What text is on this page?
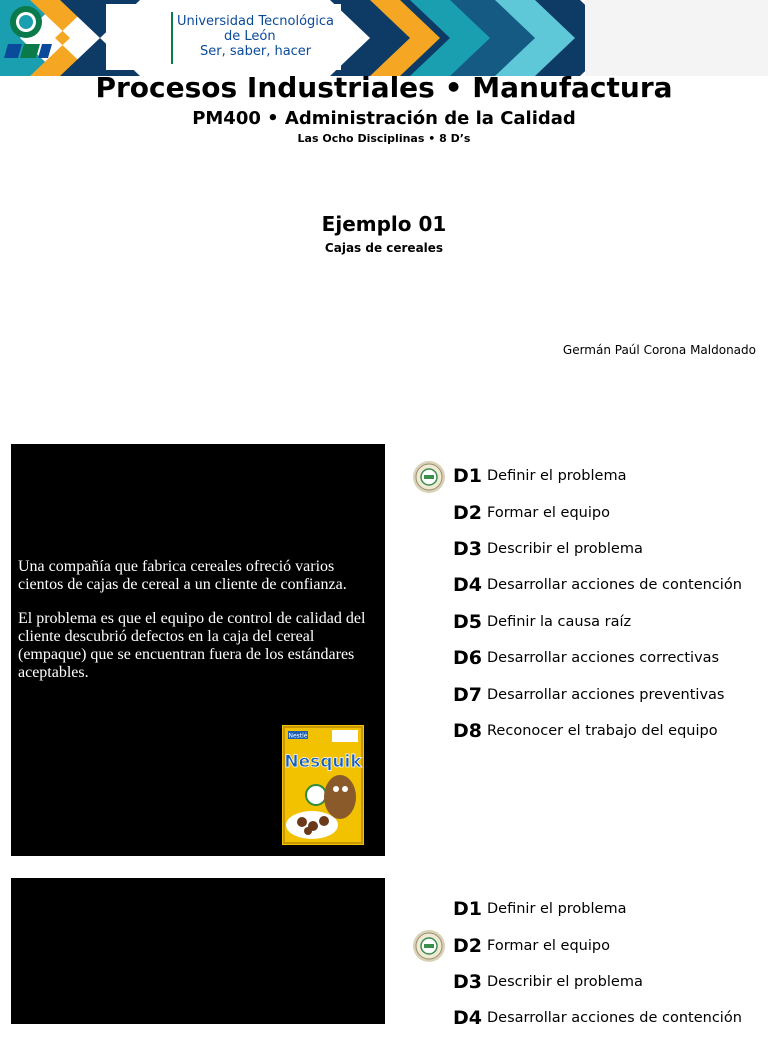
Universidad Tecnológica
de León
Ser, saber, hacer
Procesos Industriales • Manufactura
PM400 • Administración de la Calidad
Las Ocho Disciplinas • 8 D’s
Ejemplo 01
Cajas de cereales
Germán Paúl Corona Maldonado

Una compañía que fabrica cereales ofreció varios cientos de cajas de cereal a un cliente de confianza.

El problema es que el equipo de control de calidad del cliente descubrió defectos en la caja del cereal (empaque) que se encuentran fuera de los estándares aceptables.

Nestlé
Nesquik
D1 Definir el problema
D2 Formar el equipo
D3 Describir el problema
D4 Desarrollar acciones de contención
D5 Definir la causa raíz
D6 Desarrollar acciones correctivas
D7 Desarrollar acciones preventivas
D8 Reconocer el trabajo del equipo
D1 Definir el problema
D2 Formar el equipo
D3 Describir el problema
D4 Desarrollar acciones de contención
